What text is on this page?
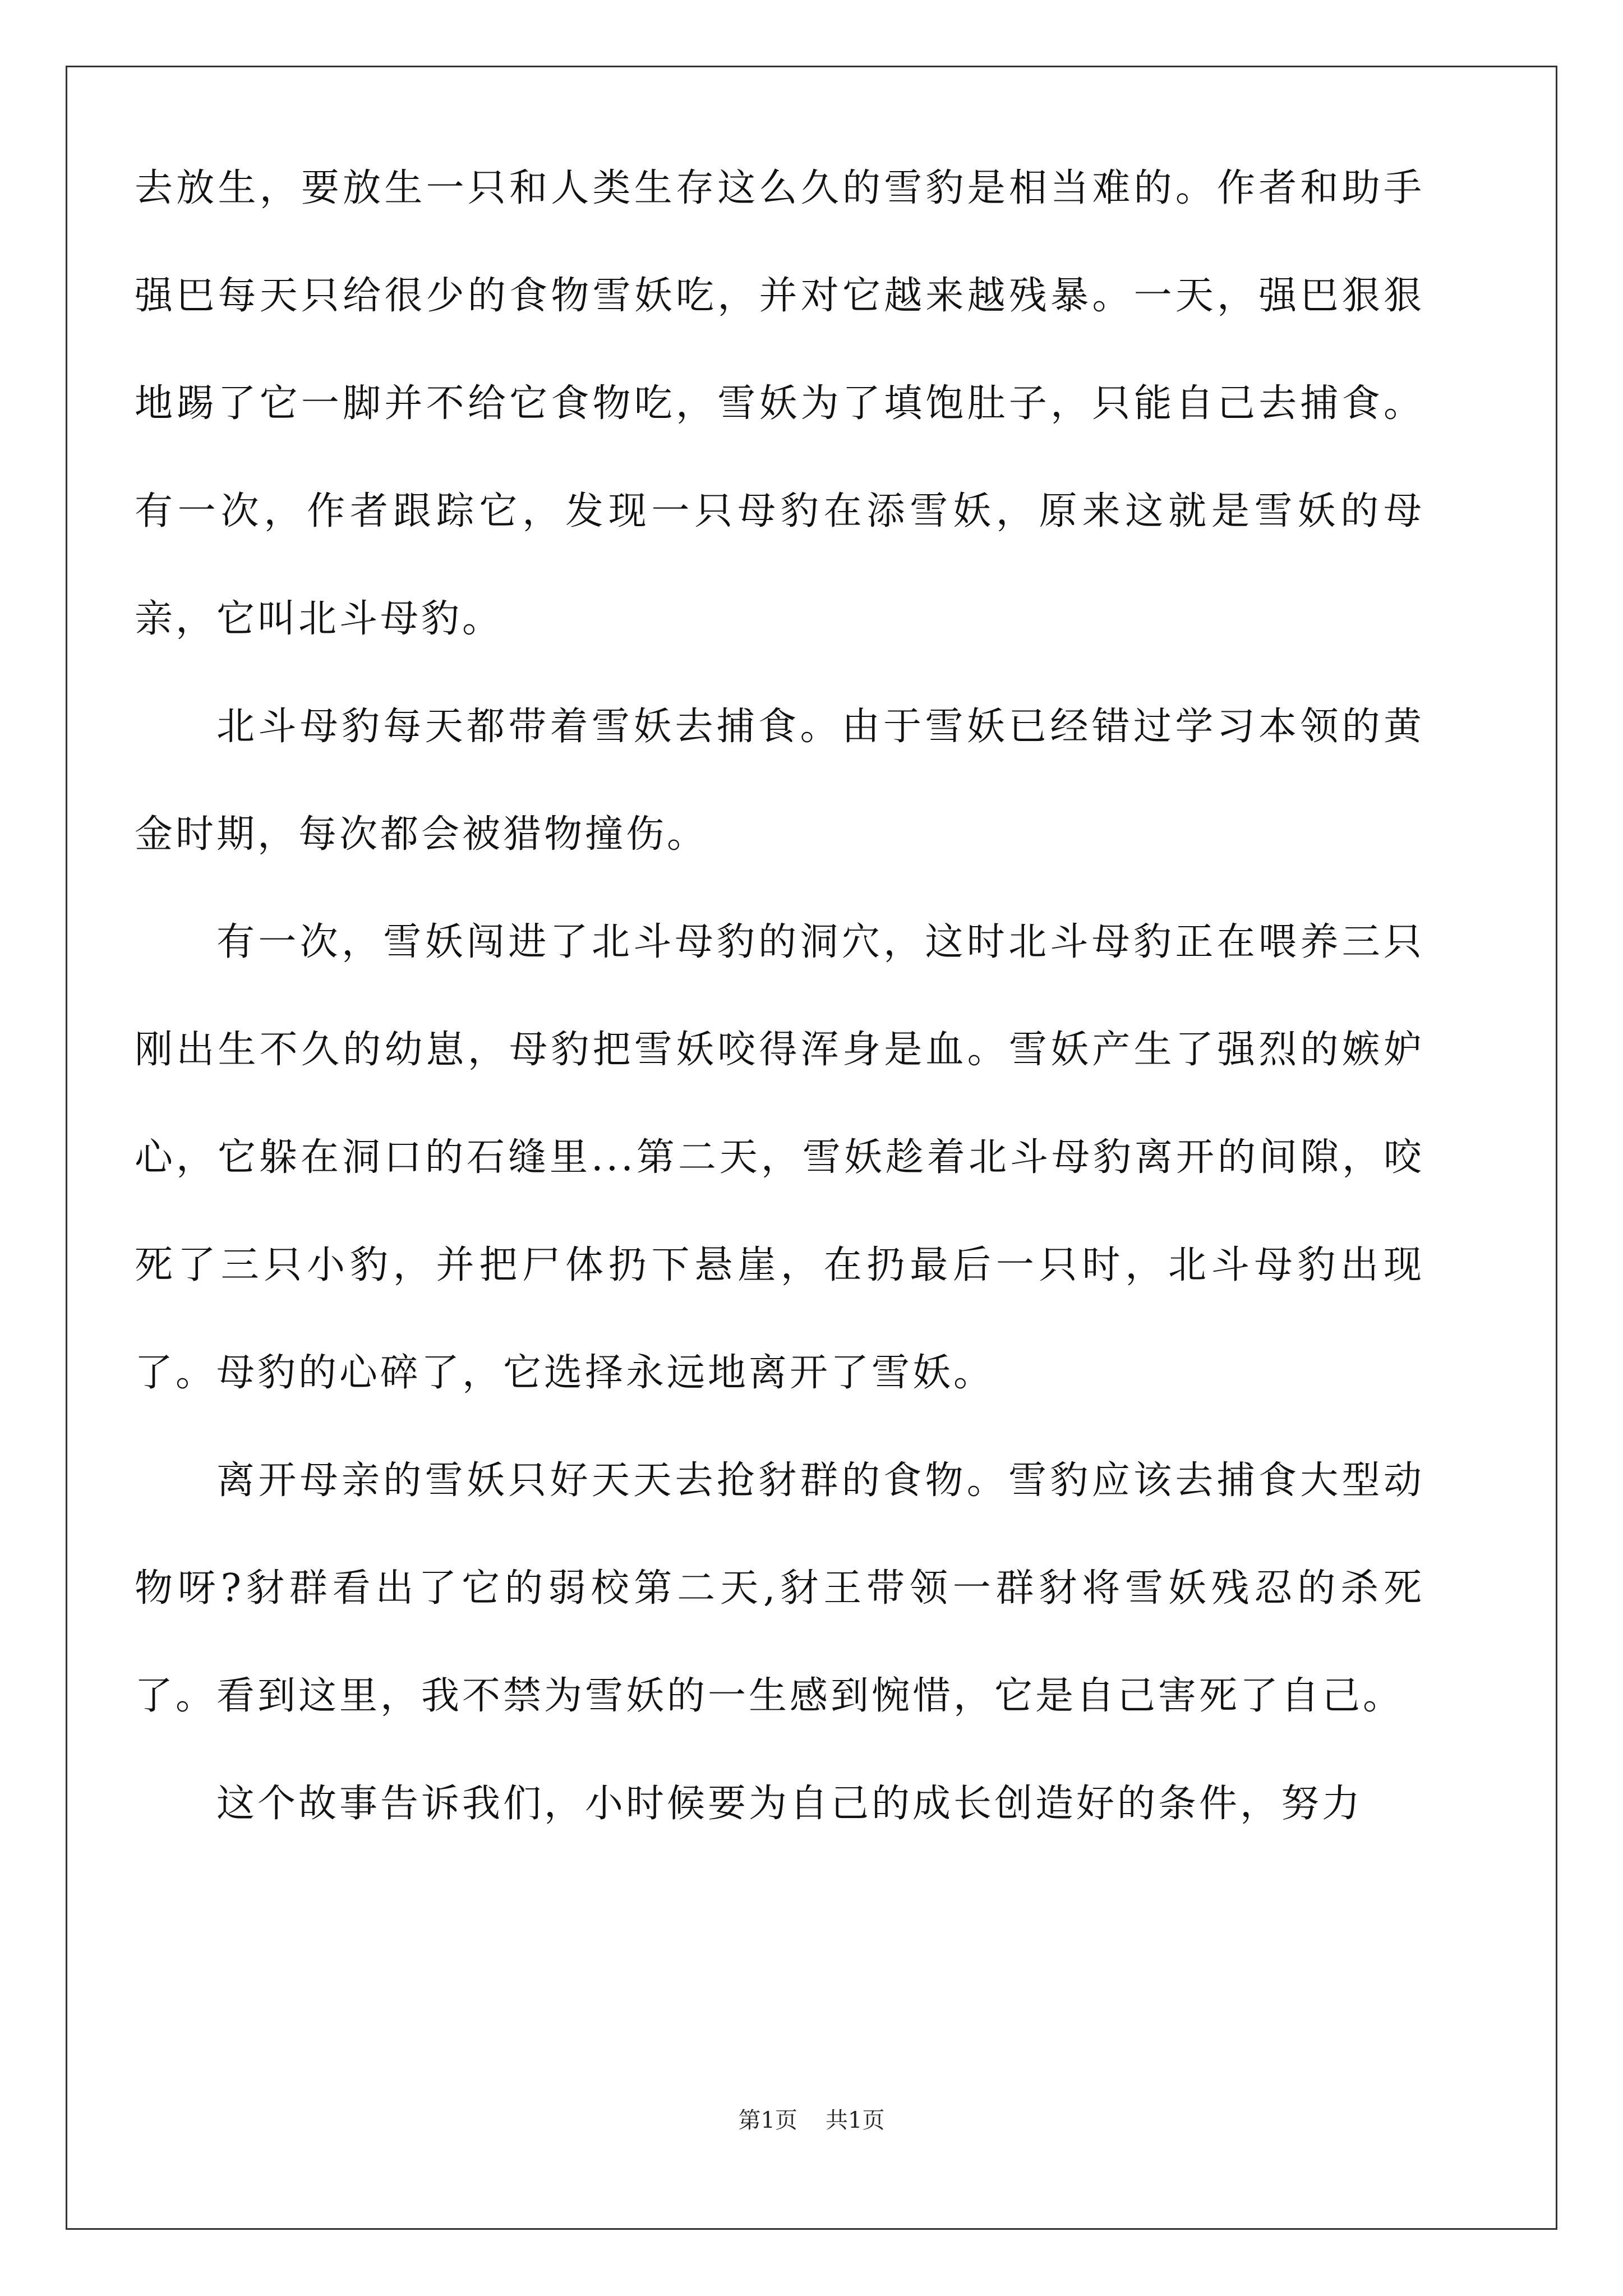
去放生，要放生一只和人类生存这么久的雪豹是相当难的。作者和助手强巴每天只给很少的食物雪妖吃，并对它越来越残暴。一天，强巴狠狠地踢了它一脚并不给它食物吃，雪妖为了填饱肚子，只能自己去捕食。有一次，作者跟踪它，发现一只母豹在添雪妖，原来这就是雪妖的母亲，它叫北斗母豹。

北斗母豹每天都带着雪妖去捕食。由于雪妖已经错过学习本领的黄金时期，每次都会被猎物撞伤。

有一次，雪妖闯进了北斗母豹的洞穴，这时北斗母豹正在喂养三只刚出生不久的幼崽，母豹把雪妖咬得浑身是血。雪妖产生了强烈的嫉妒心，它躲在洞口的石缝里...第二天，雪妖趁着北斗母豹离开的间隙，咬死了三只小豹，并把尸体扔下悬崖，在扔最后一只时，北斗母豹出现了。母豹的心碎了，它选择永远地离开了雪妖。

离开母亲的雪妖只好天天去抢豺群的食物。雪豹应该去捕食大型动物呀?豺群看出了它的弱校第二天,豺王带领一群豺将雪妖残忍的杀死了。看到这里，我不禁为雪妖的一生感到惋惜，它是自己害死了自己。

这个故事告诉我们，小时候要为自己的成长创造好的条件，努力

第1页 共1页
